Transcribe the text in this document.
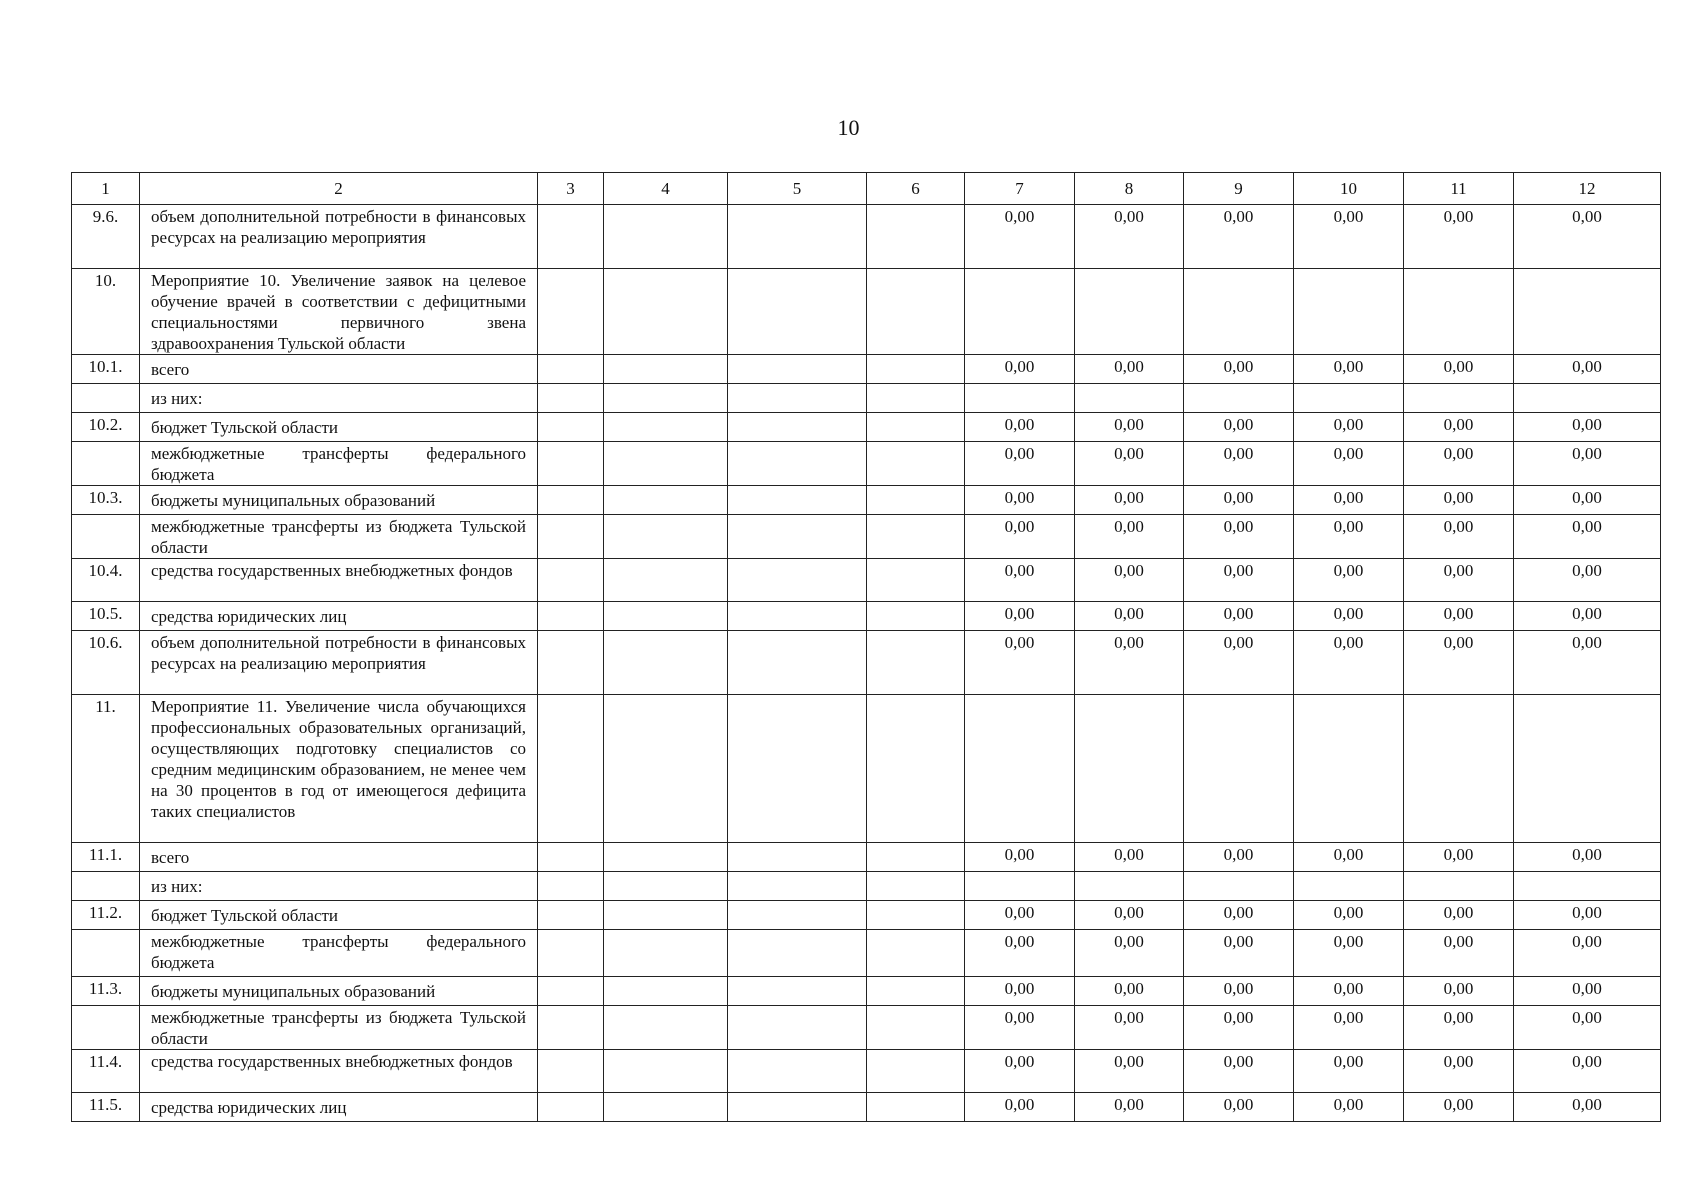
10
1	2	3	4	5	6	7	8	9	10	11	12
9.6.	объем дополнительной потребности в финансовых ресурсах на реализацию мероприятия					0,00	0,00	0,00	0,00	0,00	0,00
10.	Мероприятие 10. Увеличение заявок на целевое обучение врачей в соответствии с дефицитными специальностями первичного звена здравоохранения Тульской области										
10.1.	всего					0,00	0,00	0,00	0,00	0,00	0,00
	из них:										
10.2.	бюджет Тульской области					0,00	0,00	0,00	0,00	0,00	0,00
	межбюджетные трансферты федерального бюджета					0,00	0,00	0,00	0,00	0,00	0,00
10.3.	бюджеты муниципальных образований					0,00	0,00	0,00	0,00	0,00	0,00
	межбюджетные трансферты из бюджета Тульской области					0,00	0,00	0,00	0,00	0,00	0,00
10.4.	средства государственных внебюджетных фондов					0,00	0,00	0,00	0,00	0,00	0,00
10.5.	средства юридических лиц					0,00	0,00	0,00	0,00	0,00	0,00
10.6.	объем дополнительной потребности в финансовых ресурсах на реализацию мероприятия					0,00	0,00	0,00	0,00	0,00	0,00
11.	Мероприятие 11. Увеличение числа обучающихся профессиональных образовательных организаций, осуществляющих подготовку специалистов со средним медицинским образованием, не менее чем на 30 процентов в год от имеющегося дефицита таких специалистов										
11.1.	всего					0,00	0,00	0,00	0,00	0,00	0,00
	из них:										
11.2.	бюджет Тульской области					0,00	0,00	0,00	0,00	0,00	0,00
	межбюджетные трансферты федерального бюджета					0,00	0,00	0,00	0,00	0,00	0,00
11.3.	бюджеты муниципальных образований					0,00	0,00	0,00	0,00	0,00	0,00
	межбюджетные трансферты из бюджета Тульской области					0,00	0,00	0,00	0,00	0,00	0,00
11.4.	средства государственных внебюджетных фондов					0,00	0,00	0,00	0,00	0,00	0,00
11.5.	средства юридических лиц					0,00	0,00	0,00	0,00	0,00	0,00
